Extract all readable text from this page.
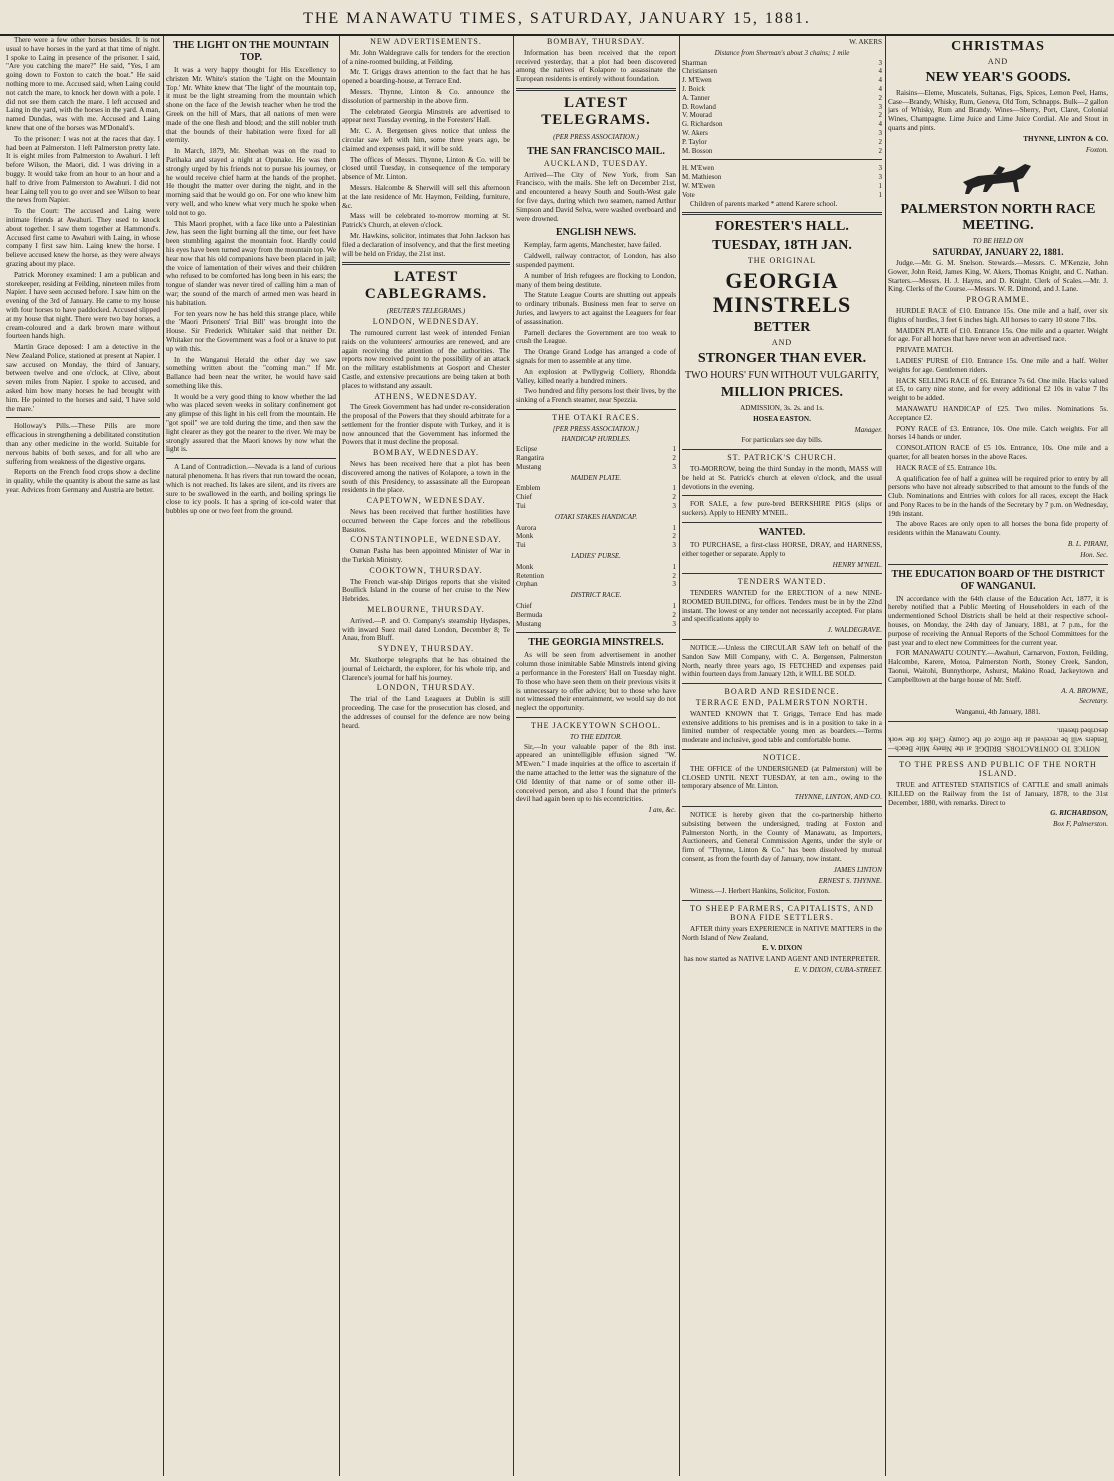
THE MANAWATU TIMES, SATURDAY, JANUARY 15, 1881.

There were a few other horses besides. It is not usual to have horses in the yard at that time of night. I spoke to Laing in presence of the prisoner. I said, "Are you catching the mare?" He said, "Yes, I am going down to Foxton to catch the boat." He said nothing more to me. Accused said, when Laing could not catch the mare, to knock her down with a pole. I did not see them catch the mare. I left accused and Laing in the yard, with the horses in the yard. A man, named Dundas, was with me. Accused and Laing knew that one of the horses was M'Donald's.

To the prisoner: I was not at the races that day. I had been at Palmerston. I left Palmerston pretty late. It is eight miles from Palmerston to Awahuri. I left before Wilson, the Maori, did. I was driving in a buggy. It would take from an hour to an hour and a half to drive from Palmerston to Awahuri. I did not hear Laing tell you to go over and see Wilson to hear the news from Napier.

To the Court: The accused and Laing were intimate friends at Awahuri. They used to knock about together. I saw them together at Hammond's. Accused first came to Awahuri with Laing, in whose company I first saw him. Laing knew the horse. I believe accused knew the horse, as they were always grazing about my place.

Patrick Moroney examined: I am a publican and storekeeper, residing at Feilding, nineteen miles from Napier. I have seen accused before. I saw him on the evening of the 3rd of January. He came to my house with four horses to have paddocked. Accused slipped at my house that night. There were two bay horses, a cream-coloured and a dark brown mare without fourteen hands high.

Martin Grace deposed: I am a detective in the New Zealand Police, stationed at present at Napier. I saw accused on Monday, the third of January, between twelve and one o'clock, at Clive, about seven miles from Napier. I spoke to accused, and asked him how many horses he had brought with him. He pointed to the horses and said, 'I have sold the mare.'

Holloway's Pills.—These Pills are more efficacious in strengthening a debilitated constitution than any other medicine in the world. Suitable for nervous habits of both sexes, and for all who are suffering from weakness of the digestive organs.

Reports on the French food crops show a decline in quality, while the quantity is about the same as last year. Advices from Germany and Austria are better.

THE LIGHT ON THE MOUNTAIN TOP.

It was a very happy thought for His Excellency to christen Mr. White's station the 'Light on the Mountain Top.' Mr. White knew that 'The light' of the mountain top, it must be the light streaming from the mountain which shone on the face of the Jewish teacher when he trod the Greek on the hill of Mars, that all nations of men were made of the one flesh and blood; and the still nobler truth that the bounds of their habitation were fixed for all eternity.

In March, 1879, Mr. Sheehan was on the road to Parihaka and stayed a night at Opunake. He was then strongly urged by his friends not to pursue his journey, or he would receive chief harm at the hands of the prophet. He thought the matter over during the night, and in the morning said that he would go on. For one who knew him very well, and who knew what very much he spoke when told not to go.

This Maori prophet, with a face like unto a Palestinian Jew, has seen the light burning all the time, our feet have been stumbling against the mountain foot. Hardly could his eyes have been turned away from the mountain top. We hear now that his old companions have been placed in jail; the voice of lamentation of their wives and their children who refused to be comforted has long been in his ears; the tongue of slander was never tired of calling him a man of war; the sound of the march of armed men was heard in his habitation.

For ten years now he has held this strange place, while the 'Maori Prisoners' Trial Bill' was brought into the House. Sir Frederick Whitaker said that neither Dr. Whitaker nor the Government was a fool or a knave to put up with this.

In the Wanganui Herald the other day we saw something written about the "coming man." If Mr. Ballance had been near the writer, he would have said something like this.

It would be a very good thing to know whether the lad who was placed seven weeks in solitary confinement got any glimpse of this light in his cell from the mountain. He "got spoil" we are told during the time, and then saw the light clearer as they got the nearer to the river. We may be strongly assured that the Maori knows by now what the light is.

A Land of Contradiction.—Nevada is a land of curious natural phenomena. It has rivers that run toward the ocean, which is not reached. Its lakes are silent, and its rivers are sure to be swallowed in the earth, and boiling springs lie close to icy pools. It has a spring of ice-cold water that bubbles up one or two feet from the ground.

NEW ADVERTISEMENTS.

Mr. John Waldegrave calls for tenders for the erection of a nine-roomed building, at Feilding.

Mr. T. Griggs draws attention to the fact that he has opened a boarding-house, at Terrace End.

Messrs. Thynne, Linton & Co. announce the dissolution of partnership in the above firm.

The celebrated Georgia Minstrels are advertised to appear next Tuesday evening, in the Foresters' Hall.

Mr. C. A. Bergensen gives notice that unless the circular saw left with him, some three years ago, be claimed and expenses paid, it will be sold.

The offices of Messrs. Thynne, Linton & Co. will be closed until Tuesday, in consequence of the temporary absence of Mr. Linton.

Messrs. Halcombe & Sherwill will sell this afternoon at the late residence of Mr. Haymon, Feilding, furniture, &c.

Mass will be celebrated to-morrow morning at St. Patrick's Church, at eleven o'clock.

Mr. Hawkins, solicitor, intimates that John Jackson has filed a declaration of insolvency, and that the first meeting will be held on Friday, the 21st inst.

LATEST CABLEGRAMS.
(REUTER'S TELEGRAMS.)
LONDON, WEDNESDAY.

The rumoured current last week of intended Fenian raids on the volunteers' armouries are renewed, and are again receiving the attention of the authorities. The reports now received point to the possibility of an attack on the military establishments at Gosport and Chester Castle, and extensive precautions are being taken at both places to withstand any assault.

ATHENS, WEDNESDAY.

The Greek Government has had under re-consideration the proposal of the Powers that they should arbitrate for a settlement for the frontier dispute with Turkey, and it is now announced that the Government has informed the Powers that it must decline the proposal.

BOMBAY, WEDNESDAY.

News has been received here that a plot has been discovered among the natives of Kolapore, a town in the south of this Presidency, to assassinate all the European residents in the place.

CAPETOWN, WEDNESDAY.

News has been received that further hostilities have occurred between the Cape forces and the rebellious Basutos.

CONSTANTINOPLE, WEDNESDAY.

Osman Pasha has been appointed Minister of War in the Turkish Ministry.

COOKTOWN, THURSDAY.

The French war-ship Dirigos reports that she visited Boullick Island in the course of her cruise to the New Hebrides.

MELBOURNE, THURSDAY.

Arrived.—P. and O. Company's steamship Hydaspes, with inward Suez mail dated London, December 8; Te Anau, from Bluff.

SYDNEY, THURSDAY.

Mr. Skuthorpe telegraphs that he has obtained the journal of Leichardt, the explorer, for his whole trip, and Clarence's journal for half his journey.

LONDON, THURSDAY.

The trial of the Land Leaguers at Dublin is still proceeding. The case for the prosecution has closed, and the addresses of counsel for the defence are now being heard.

BOMBAY, THURSDAY.

Information has been received that the report received yesterday, that a plot had been discovered among the natives of Kolapore to assassinate the European residents is entirely without foundation.

LATEST TELEGRAMS.
(PER PRESS ASSOCIATION.)
THE SAN FRANCISCO MAIL.
AUCKLAND, TUESDAY.

Arrived—The City of New York, from San Francisco, with the mails. She left on December 21st, and encountered a heavy South and South-West gale for five days, during which two seamen, named Arthur Simpson and David Selva, were washed overboard and were drowned.

ENGLISH NEWS.

Kemplay, farm agents, Manchester, have failed.

Caldwell, railway contractor, of London, has also suspended payment.

A number of Irish refugees are flocking to London, many of them being destitute.

The Statute League Courts are shutting out appeals to ordinary tribunals. Business men fear to serve on Juries, and lawyers to act against the Leaguers for fear of assassination.

Parnell declares the Government are too weak to crush the League.

The Orange Grand Lodge has arranged a code of signals for men to assemble at any time.

An explosion at Pwllygwig Colliery, Rhondda Valley, killed nearly a hundred miners.

Two hundred and fifty persons lost their lives, by the sinking of a French steamer, near Spezzia.

THE OTAKI RACES.
[PER PRESS ASSOCIATION.]
HANDICAP HURDLES.
Eclipse	1
Rangatira	2
Mustang	3
MAIDEN PLATE.
Emblem	1
Chief	2
Tui	3
OTAKI STAKES HANDICAP.
Aurora	1
Monk	2
Tui	3
LADIES' PURSE.
Monk	1
Retention	2
Orphan	3
DISTRICT RACE.
Chief	1
Bermuda	2
Mustang	3
THE GEORGIA MINSTRELS.

As will be seen from advertisement in another column those inimitable Sable Minstrels intend giving a performance in the Foresters' Hall on Tuesday night. To those who have seen them on their previous visits it is unnecessary to offer advice; but to those who have not witnessed their entertainment, we would say do not neglect the opportunity.

THE JACKEYTOWN SCHOOL.
TO THE EDITOR.

Sir,—In your valuable paper of the 8th inst. appeared an unintelligible effusion signed "W. M'Ewen." I made inquiries at the office to ascertain if the name attached to the letter was the signature of the Old Identity of that name or of some other ill-conceived person, and also I found that the printer's devil had again been up to his eccentricities.

I am, &c.
W. AKERS
Distance from Sherman's about 3 chains; 1 mile
Sharman	3
Christiansen	4
J. M'Ewen	4
J. Boick	4
A. Tanner	2
D. Rowland	3
V. Mourad	2
G. Richardson	4
W. Akers	3
P. Taylor	2
M. Bosson	2
H. M'Ewen	3
M. Mathieson	3
W. M'Ewen	1
Vote	1

Children of parents marked * attend Karere school.

FORESTER'S HALL.
TUESDAY, 18TH JAN.
THE ORIGINAL
GEORGIA MINSTRELS
BETTER
AND
STRONGER THAN EVER.
TWO HOURS' FUN WITHOUT VULGARITY,
MILLION PRICES.
ADMISSION, 3s. 2s. and 1s.
HOSEA EASTON.
Manager.
For particulars see day bills.
ST. PATRICK'S CHURCH.

TO-MORROW, being the third Sunday in the month, MASS will be held at St. Patrick's church at eleven o'clock, and the usual devotions in the evening.

FOR SALE, a few pure-bred BERKSHIRE PIGS (slips or suckers). Apply to HENRY M'NEIL.

WANTED.

TO PURCHASE, a first-class HORSE, DRAY, and HARNESS, either together or separate. Apply to

HENRY M'NEIL.
TENDERS WANTED.

TENDERS WANTED for the ERECTION of a new NINE-ROOMED BUILDING, for offices. Tenders must be in by the 22nd instant. The lowest or any tender not necessarily accepted. For plans and specifications apply to

J. WALDEGRAVE.

NOTICE.—Unless the CIRCULAR SAW left on behalf of the Sandon Saw Mill Company, with C. A. Bergensen, Palmerston North, nearly three years ago, IS FETCHED and expenses paid within fourteen days from January 12th, it WILL BE SOLD.

BOARD AND RESIDENCE.
TERRACE END, PALMERSTON NORTH.

WANTED KNOWN that T. Griggs, Terrace End has made extensive additions to his premises and is in a position to take in a limited number of respectable young men as boarders.—Terms moderate and inclusive, good table and comfortable home.

NOTICE.

THE OFFICE of the UNDERSIGNED (at Palmerston) will be CLOSED UNTIL NEXT TUESDAY, at ten a.m., owing to the temporary absence of Mr. Linton.

THYNNE, LINTON, AND CO.

NOTICE is hereby given that the co-partnership hitherto subsisting between the undersigned, trading at Foxton and Palmerston North, in the County of Manawatu, as Importers, Auctioneers, and General Commission Agents, under the style or firm of "Thynne, Linton & Co." has been dissolved by mutual consent, as from the fourth day of January, now instant.

JAMES LINTON
ERNEST S. THYNNE.

Witness.—J. Herbert Hankins, Solicitor, Foxton.

TO SHEEP FARMERS, CAPITALISTS, AND BONA FIDE SETTLERS.

AFTER thirty years EXPERIENCE in NATIVE MATTERS in the North Island of New Zealand,

E. V. DIXON
has now started as NATIVE LAND AGENT AND INTERPRETER.
E. V. DIXON, CUBA-STREET.
CHRISTMAS
AND
NEW YEAR'S GOODS.

Raisins—Eleme, Muscatels, Sultanas, Figs, Spices, Lemon Peel, Hams, Case—Brandy, Whisky, Rum, Geneva, Old Tom, Schnapps. Bulk—2 gallon jars of Whisky, Rum and Brandy. Wines—Sherry, Port, Claret, Colonial Wines, Champagne. Lime Juice and Lime Juice Cordial. Ale and Stout in quarts and pints.

THYNNE, LINTON & CO.
Foxton.
PALMERSTON NORTH RACE MEETING.
TO BE HELD ON
SATURDAY, JANUARY 22, 1881.

Judge.—Mr. G. M. Snelson. Stewards.—Messrs. C. M'Kenzie, John Gower, John Reid, James King, W. Akers, Thomas Knight, and C. Nathan. Starters.—Messrs. H. J. Hayns, and D. Knight. Clerk of Scales.—Mr. J. King. Clerks of the Course.—Messrs. W. R. Dimond, and J. Lane.

PROGRAMME.

HURDLE RACE of £10. Entrance 15s. One mile and a half, over six flights of hurdles, 3 feet 6 inches high. All horses to carry 10 stone 7 lbs.

MAIDEN PLATE of £10. Entrance 15s. One mile and a quarter. Weight for age. For all horses that have never won an advertised race.

PRIVATE MATCH.

LADIES' PURSE of £10. Entrance 15s. One mile and a half. Welter weights for age. Gentlemen riders.

HACK SELLING RACE of £6. Entrance 7s 6d. One mile. Hacks valued at £5, to carry nine stone, and for every additional £2 10s in value 7 lbs weight to be added.

MANAWATU HANDICAP of £25. Two miles. Nominations 5s. Acceptance £2.

PONY RACE of £3. Entrance, 10s. One mile. Catch weights. For all horses 14 hands or under.

CONSOLATION RACE of £5 10s. Entrance, 10s. One mile and a quarter, for all beaten horses in the above Races.

HACK RACE of £5. Entrance 10s.

A qualification fee of half a guinea will be required prior to entry by all persons who have not already subscribed to that amount to the funds of the Club. Nominations and Entries with colors for all races, except the Hack and Pony Races to be in the hands of the Secretary by 7 p.m. on Wednesday, 19th instant.

The above Races are only open to all horses the bona fide property of residents within the Manawatu County.

B. L. PIRANI,
Hon. Sec.
THE EDUCATION BOARD OF THE DISTRICT OF WANGANUI.

IN accordance with the 64th clause of the Education Act, 1877, it is hereby notified that a Public Meeting of Householders in each of the undermentioned School Districts shall be held at their respective school-houses, on Monday, the 24th day of January, 1881, at 7 p.m., for the purpose of receiving the Annual Reports of the School Committees for the past year and to elect new Committees for the current year.

FOR MANAWATU COUNTY.—Awahuri, Carnarvon, Foxton, Feilding, Halcombe, Karere, Motoa, Palmerston North, Stoney Creek, Sandon, Taonui, Waitohi, Bunnythorpe, Ashurst, Makino Road, Jackeytown and Campbelltown at the barge house of Mr. Steff.

A. A. BROWNE,
Secretary.
Wanganui, 4th January, 1881.

NOTICE TO CONTRACTORS. BRIDGE at the Ninety Mile Beach—Tenders will be received at the office of the County Clerk for the work described therein.

TO THE PRESS AND PUBLIC OF THE NORTH ISLAND.

TRUE and ATTESTED STATISTICS of CATTLE and small animals KILLED on the Railway from the 1st of January, 1878, to the 31st December, 1880, with remarks. Direct to

G. RICHARDSON,
Box F, Palmerston.
